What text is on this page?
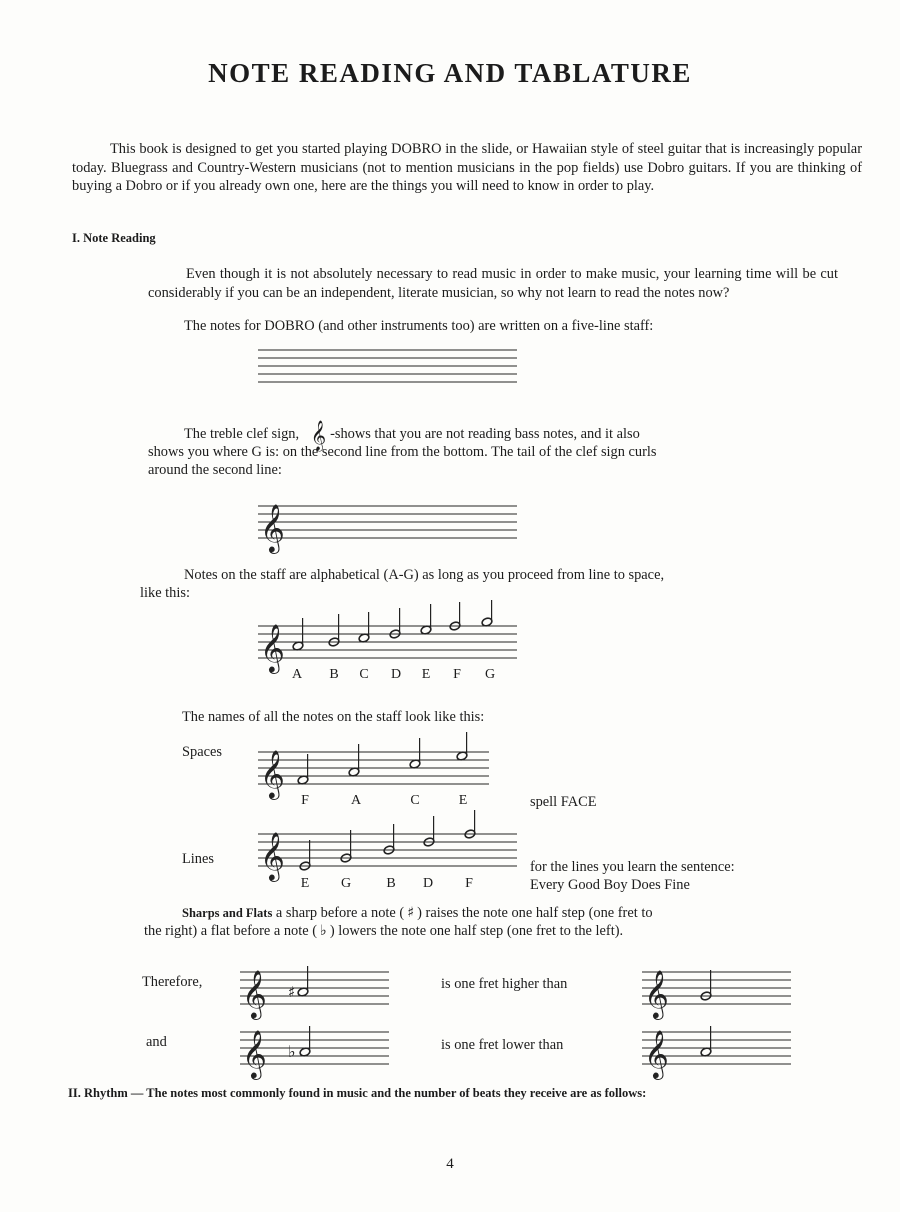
NOTE READING AND TABLATURE
This book is designed to get you started playing DOBRO in the slide, or Hawaiian style of steel guitar that is increasingly popular today. Bluegrass and Country-Western musicians (not to mention musicians in the pop fields) use Dobro guitars. If you are thinking of buying a Dobro or if you already own one, here are the things you will need to know in order to play.
I. Note Reading
Even though it is not absolutely necessary to read music in order to make music, your learning time will be cut considerably if you can be an independent, literate musician, so why not learn to read the notes now?
The notes for DOBRO (and other instruments too) are written on a five-line staff:
The treble clef sign, 𝄞 -shows that you are not reading bass notes, and it also
shows you where G is: on the second line from the bottom. The tail of the clef sign curls
around the second line:
𝄞
Notes on the staff are alphabetical (A-G) as long as you proceed from line to space,
like this:
𝄞
A	B	C	D	E	F	G
The names of all the notes on the staff look like this:
Spaces 𝄞
F	A	C	E	spell FACE
Lines 𝄞
E	G	B	D	F
for the lines you learn the sentence:
Every Good Boy Does Fine
Sharps and Flats a sharp before a note ( ♯ ) raises the note one half step (one fret to
the right) a flat before a note ( ♭ ) lowers the note one half step (one fret to the left).
Therefore, 𝄞 ♯	is one fret higher than 𝄞
and 𝄞 ♭	is one fret lower than 𝄞
II. Rhythm — The notes most commonly found in music and the number of beats they receive are as follows:
4
